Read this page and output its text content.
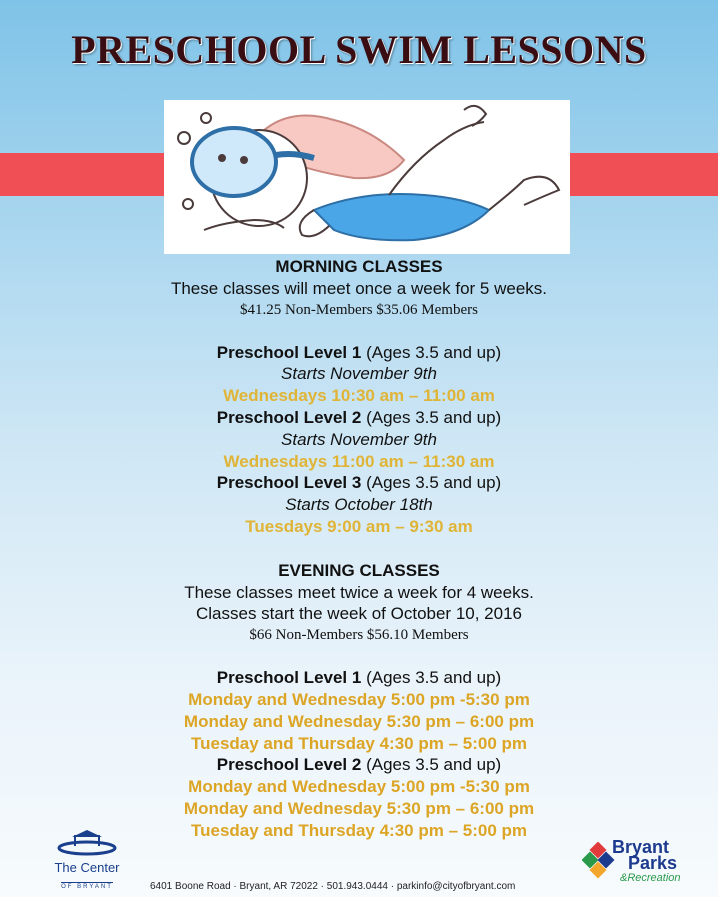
PRESCHOOL SWIM LESSONS
MORNING CLASSES
These classes will meet once a week for 5 weeks.
$41.25 Non-Members $35.06 Members
Preschool Level 1 (Ages 3.5 and up)
Starts November 9th
Wednesdays 10:30 am – 11:00 am
Preschool Level 2 (Ages 3.5 and up)
Starts November 9th
Wednesdays 11:00 am – 11:30 am
Preschool Level 3 (Ages 3.5 and up)
Starts October 18th
Tuesdays 9:00 am – 9:30 am
EVENING CLASSES
These classes meet twice a week for 4 weeks.
Classes start the week of October 10, 2016
$66 Non-Members $56.10 Members
Preschool Level 1 (Ages 3.5 and up)
Monday and Wednesday 5:00 pm -5:30 pm
Monday and Wednesday 5:30 pm – 6:00 pm
Tuesday and Thursday 4:30 pm – 5:00 pm
Preschool Level 2 (Ages 3.5 and up)
Monday and Wednesday 5:00 pm -5:30 pm
Monday and Wednesday 5:30 pm – 6:00 pm
Tuesday and Thursday 4:30 pm – 5:00 pm
The Center
OF BRYANT	6401 Boone Road · Bryant, AR 72022 · 501.943.0444 · parkinfo@cityofbryant.com
Bryant
Parks
&Recreation
